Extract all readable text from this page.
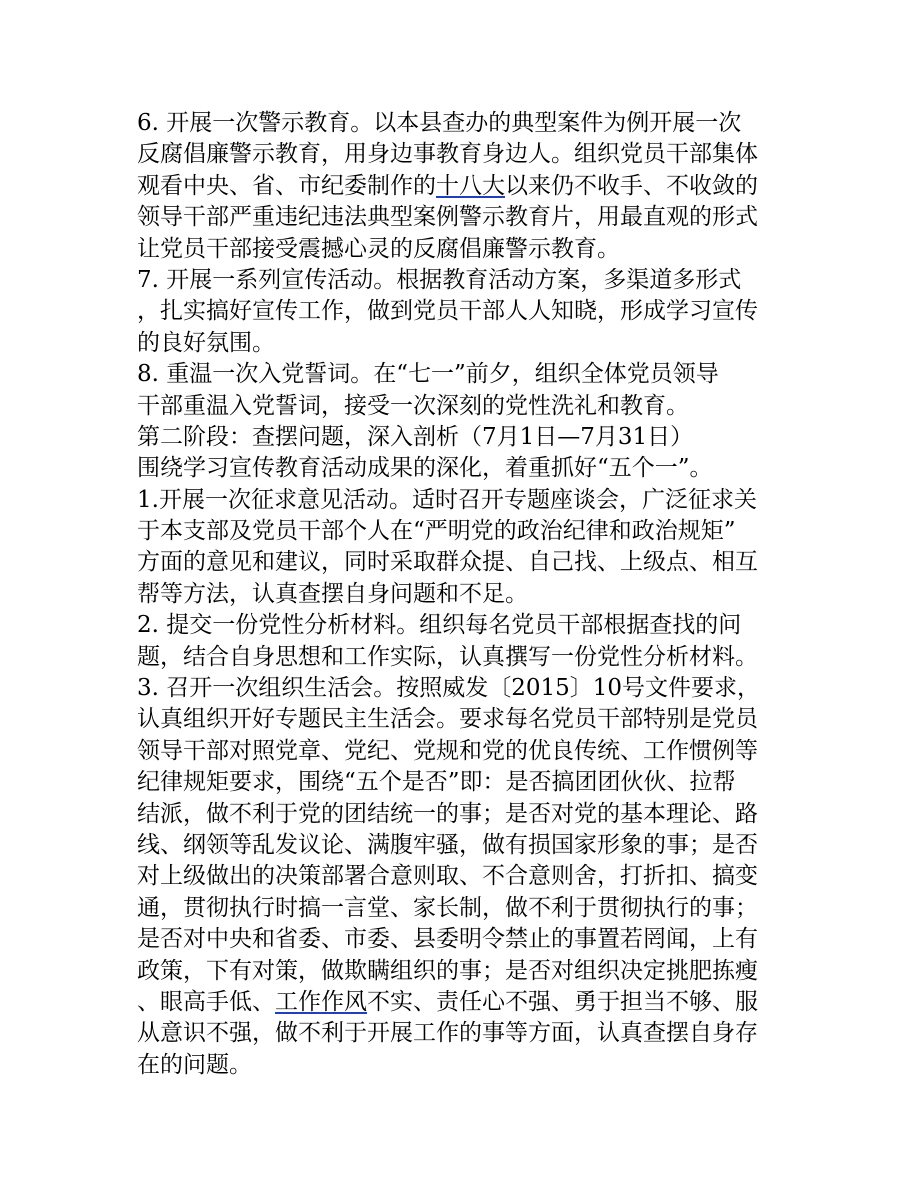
6. 开展一次警示教育。以本县查办的典型案件为例开展一次
反腐倡廉警示教育，用身边事教育身边人。组织党员干部集体
观看中央、省、市纪委制作的十八大以来仍不收手、不收敛的
领导干部严重违纪违法典型案例警示教育片，用最直观的形式
让党员干部接受震撼心灵的反腐倡廉警示教育。
7. 开展一系列宣传活动。根据教育活动方案，多渠道多形式
，扎实搞好宣传工作，做到党员干部人人知晓，形成学习宣传
的良好氛围。
8. 重温一次入党誓词。在“七一”前夕，组织全体党员领导
干部重温入党誓词，接受一次深刻的党性洗礼和教育。
第二阶段：查摆问题，深入剖析（7月1日—7月31日）
围绕学习宣传教育活动成果的深化，着重抓好“五个一”。
1.开展一次征求意见活动。适时召开专题座谈会，广泛征求关
于本支部及党员干部个人在“严明党的政治纪律和政治规矩”
方面的意见和建议，同时采取群众提、自己找、上级点、相互
帮等方法，认真查摆自身问题和不足。
2. 提交一份党性分析材料。组织每名党员干部根据查找的问
题，结合自身思想和工作实际，认真撰写一份党性分析材料。
3. 召开一次组织生活会。按照威发〔2015〕10号文件要求，
认真组织开好专题民主生活会。要求每名党员干部特别是党员
领导干部对照党章、党纪、党规和党的优良传统、工作惯例等
纪律规矩要求，围绕“五个是否”即：是否搞团团伙伙、拉帮
结派，做不利于党的团结统一的事；是否对党的基本理论、路
线、纲领等乱发议论、满腹牢骚，做有损国家形象的事；是否
对上级做出的决策部署合意则取、不合意则舍，打折扣、搞变
通，贯彻执行时搞一言堂、家长制，做不利于贯彻执行的事；
是否对中央和省委、市委、县委明令禁止的事置若罔闻，上有
政策，下有对策，做欺瞒组织的事；是否对组织决定挑肥拣瘦
、眼高手低、工作作风不实、责任心不强、勇于担当不够、服
从意识不强，做不利于开展工作的事等方面，认真查摆自身存
在的问题。
